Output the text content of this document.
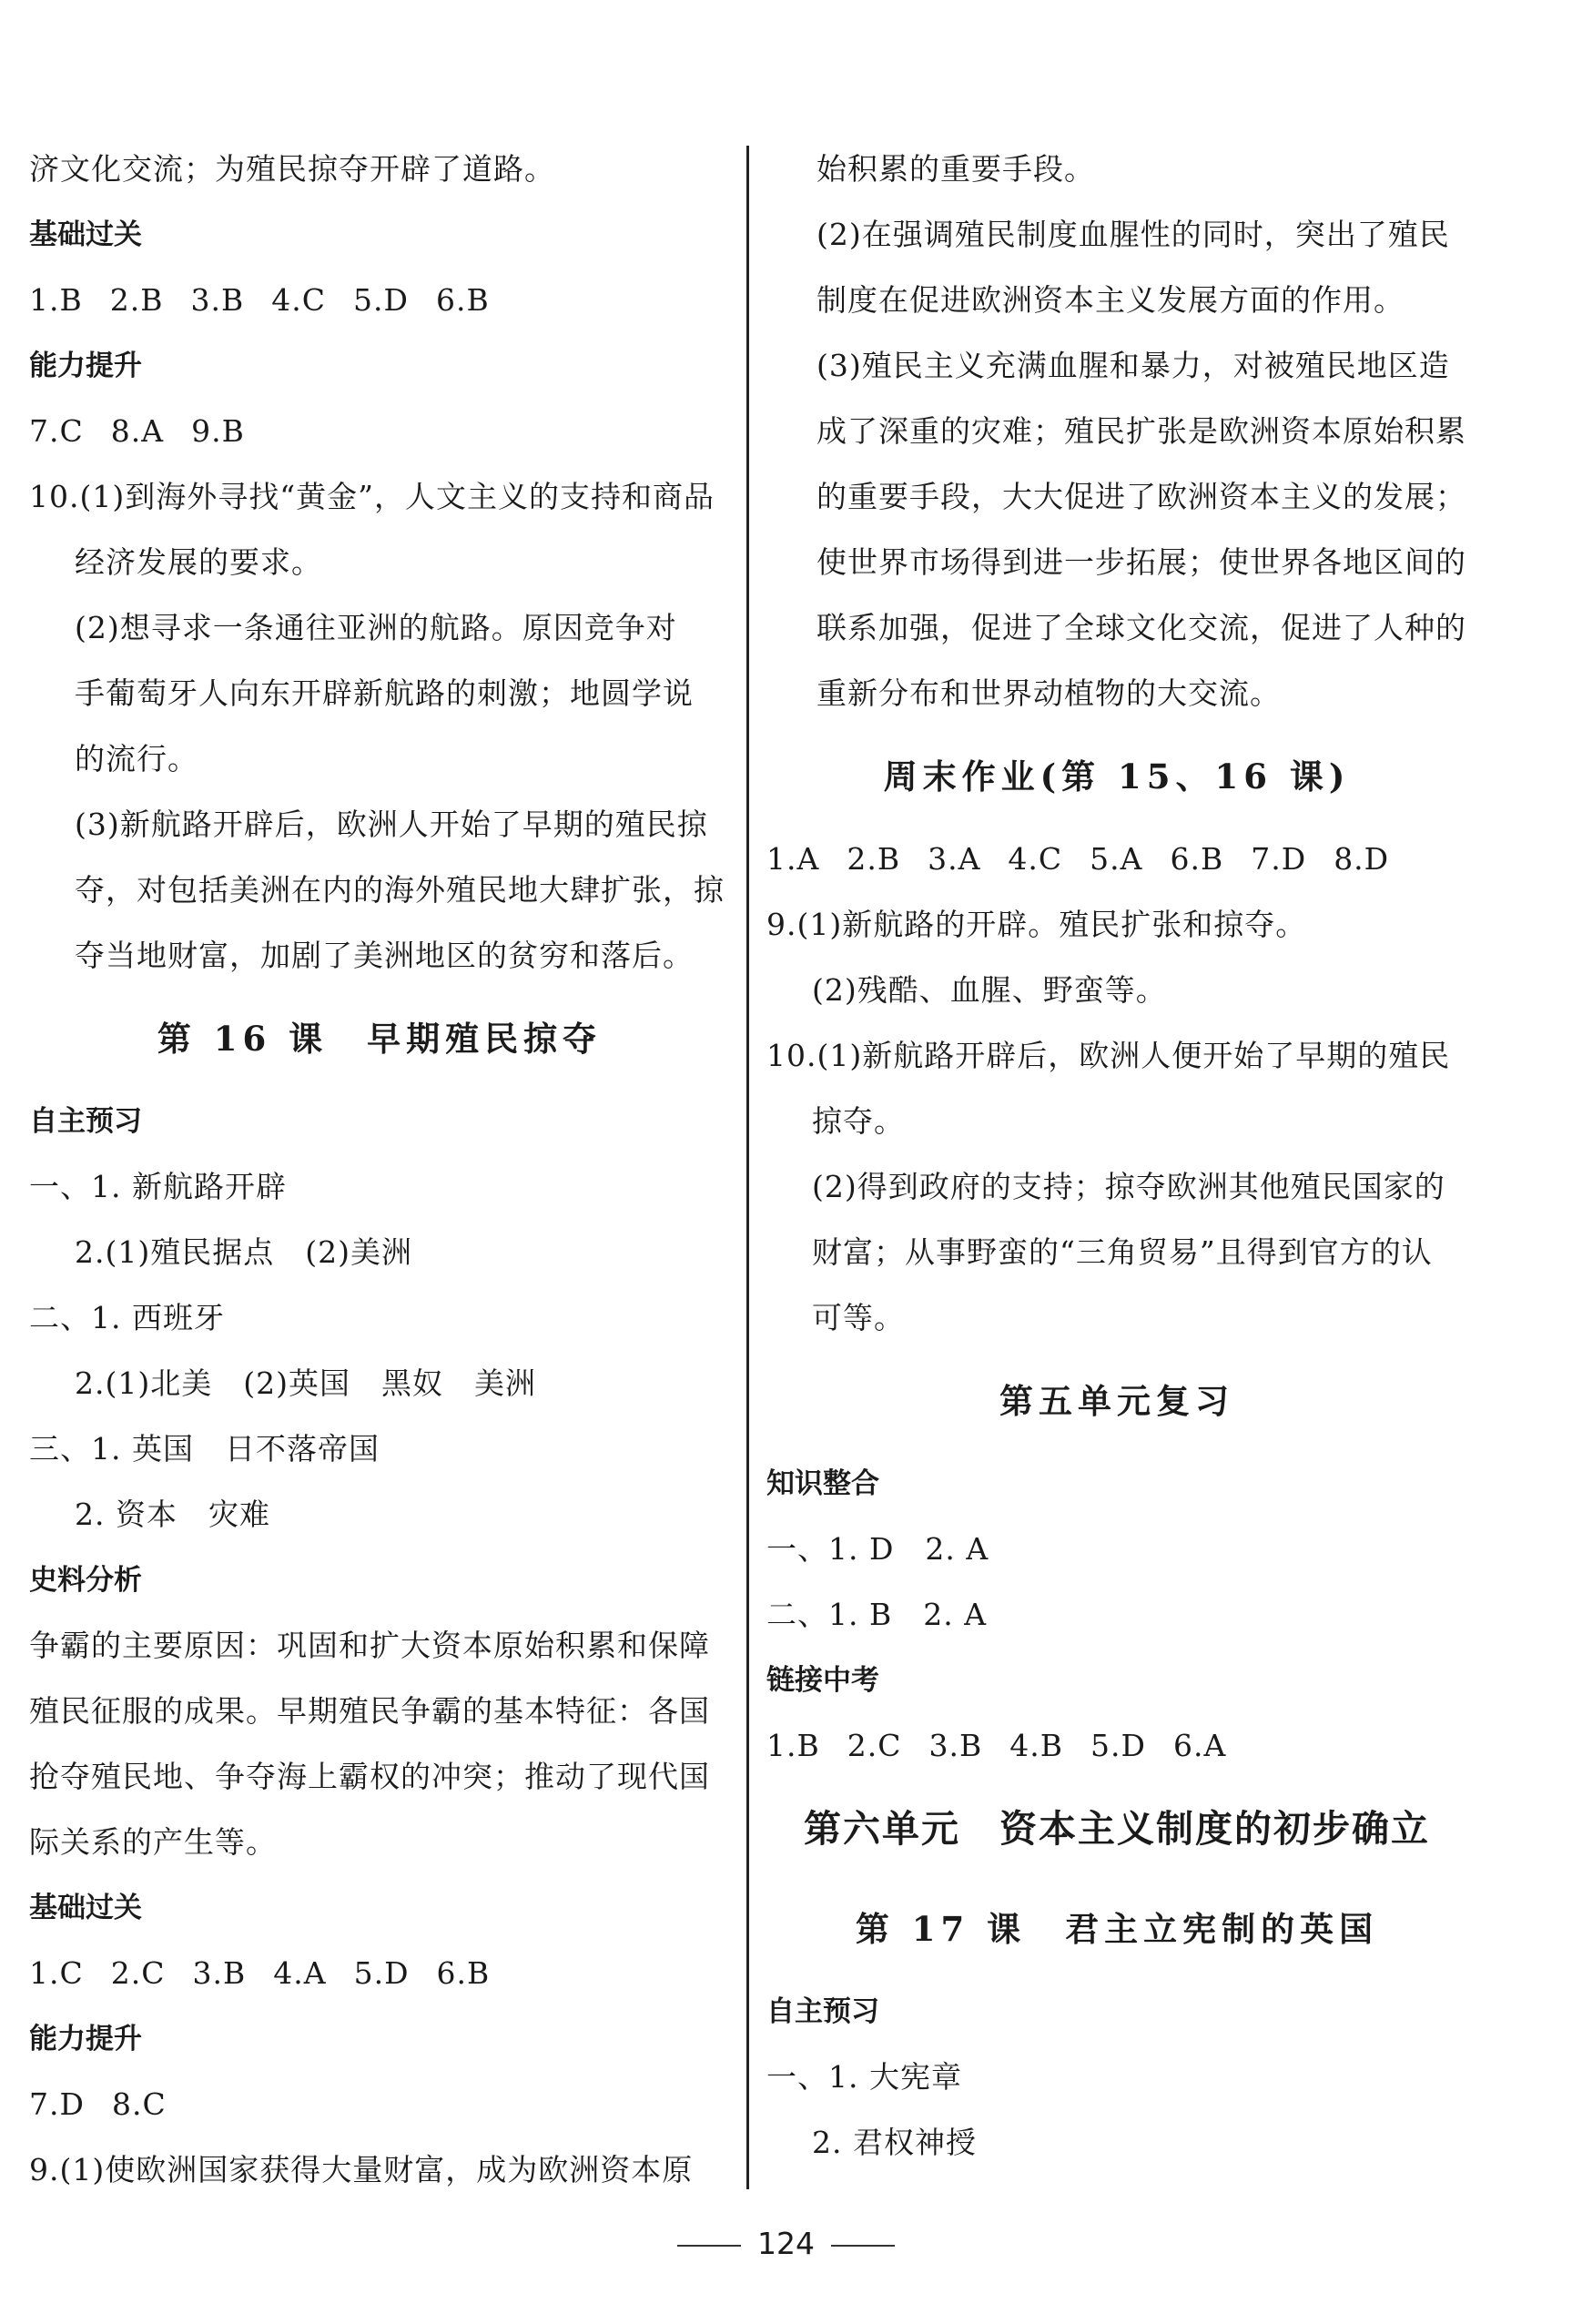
济文化交流；为殖民掠夺开辟了道路。
基础过关
1.B 2.B 3.B 4.C 5.D 6.B
能力提升
7.C 8.A 9.B
10.(1)到海外寻找“黄金”，人文主义的支持和商品
经济发展的要求。
(2)想寻求一条通往亚洲的航路。原因竞争对
手葡萄牙人向东开辟新航路的刺激；地圆学说
的流行。
(3)新航路开辟后，欧洲人开始了早期的殖民掠
夺，对包括美洲在内的海外殖民地大肆扩张，掠
夺当地财富，加剧了美洲地区的贫穷和落后。
第 16 课　早期殖民掠夺
自主预习
一、1. 新航路开辟
2.(1)殖民据点　(2)美洲
二、1. 西班牙
2.(1)北美　(2)英国　黑奴　美洲
三、1. 英国　日不落帝国
2. 资本　灾难
史料分析
争霸的主要原因：巩固和扩大资本原始积累和保障
殖民征服的成果。早期殖民争霸的基本特征：各国
抢夺殖民地、争夺海上霸权的冲突；推动了现代国
际关系的产生等。
基础过关
1.C 2.C 3.B 4.A 5.D 6.B
能力提升
7.D 8.C
9.(1)使欧洲国家获得大量财富，成为欧洲资本原
始积累的重要手段。
(2)在强调殖民制度血腥性的同时，突出了殖民
制度在促进欧洲资本主义发展方面的作用。
(3)殖民主义充满血腥和暴力，对被殖民地区造
成了深重的灾难；殖民扩张是欧洲资本原始积累
的重要手段，大大促进了欧洲资本主义的发展；
使世界市场得到进一步拓展；使世界各地区间的
联系加强，促进了全球文化交流，促进了人种的
重新分布和世界动植物的大交流。
周末作业(第 15、16 课)
1.A 2.B 3.A 4.C 5.A 6.B 7.D 8.D
9.(1)新航路的开辟。殖民扩张和掠夺。
(2)残酷、血腥、野蛮等。
10.(1)新航路开辟后，欧洲人便开始了早期的殖民
掠夺。
(2)得到政府的支持；掠夺欧洲其他殖民国家的
财富；从事野蛮的“三角贸易”且得到官方的认
可等。
第五单元复习
知识整合
一、1. D　2. A
二、1. B　2. A
链接中考
1.B 2.C 3.B 4.B 5.D 6.A
第六单元　资本主义制度的初步确立
第 17 课　君主立宪制的英国
自主预习
一、1. 大宪章
2. 君权神授
124
